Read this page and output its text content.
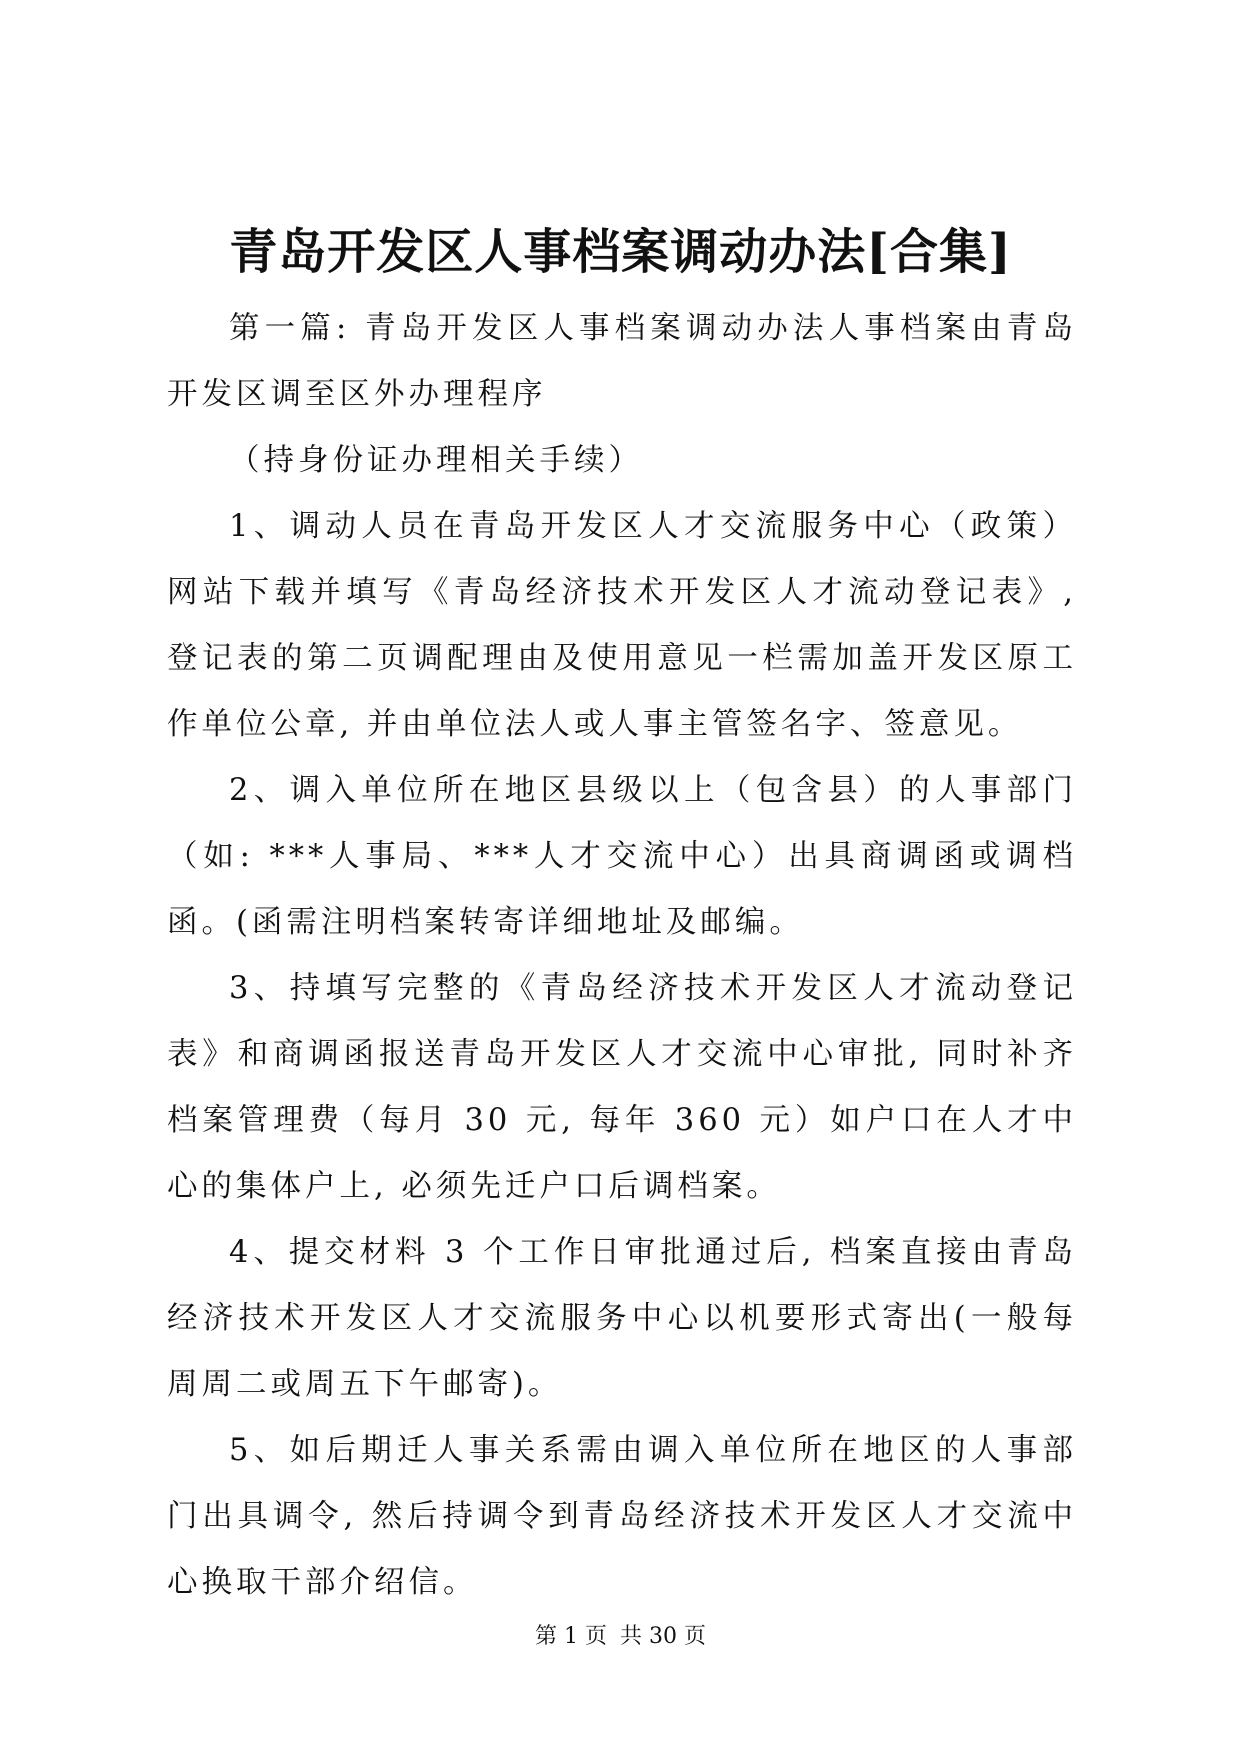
青岛开发区人事档案调动办法[合集]

第一篇: 青岛开发区人事档案调动办法人事档案由青岛开发区调至区外办理程序

（持身份证办理相关手续）

1、调动人员在青岛开发区人才交流服务中心（政策）网站下载并填写《青岛经济技术开发区人才流动登记表》, 登记表的第二页调配理由及使用意见一栏需加盖开发区原工作单位公章, 并由单位法人或人事主管签名字、签意见。

2、调入单位所在地区县级以上（包含县）的人事部门（如: ***人事局、***人才交流中心）出具商调函或调档函。(函需注明档案转寄详细地址及邮编。

3、持填写完整的《青岛经济技术开发区人才流动登记表》和商调函报送青岛开发区人才交流中心审批, 同时补齐档案管理费（每月 30 元, 每年 360 元）如户口在人才中心的集体户上, 必须先迁户口后调档案。

4、提交材料 3 个工作日审批通过后, 档案直接由青岛经济技术开发区人才交流服务中心以机要形式寄出(一般每周周二或周五下午邮寄)。

5、如后期迁人事关系需由调入单位所在地区的人事部门出具调令, 然后持调令到青岛经济技术开发区人才交流中心换取干部介绍信。

第 1 页 共 30 页
